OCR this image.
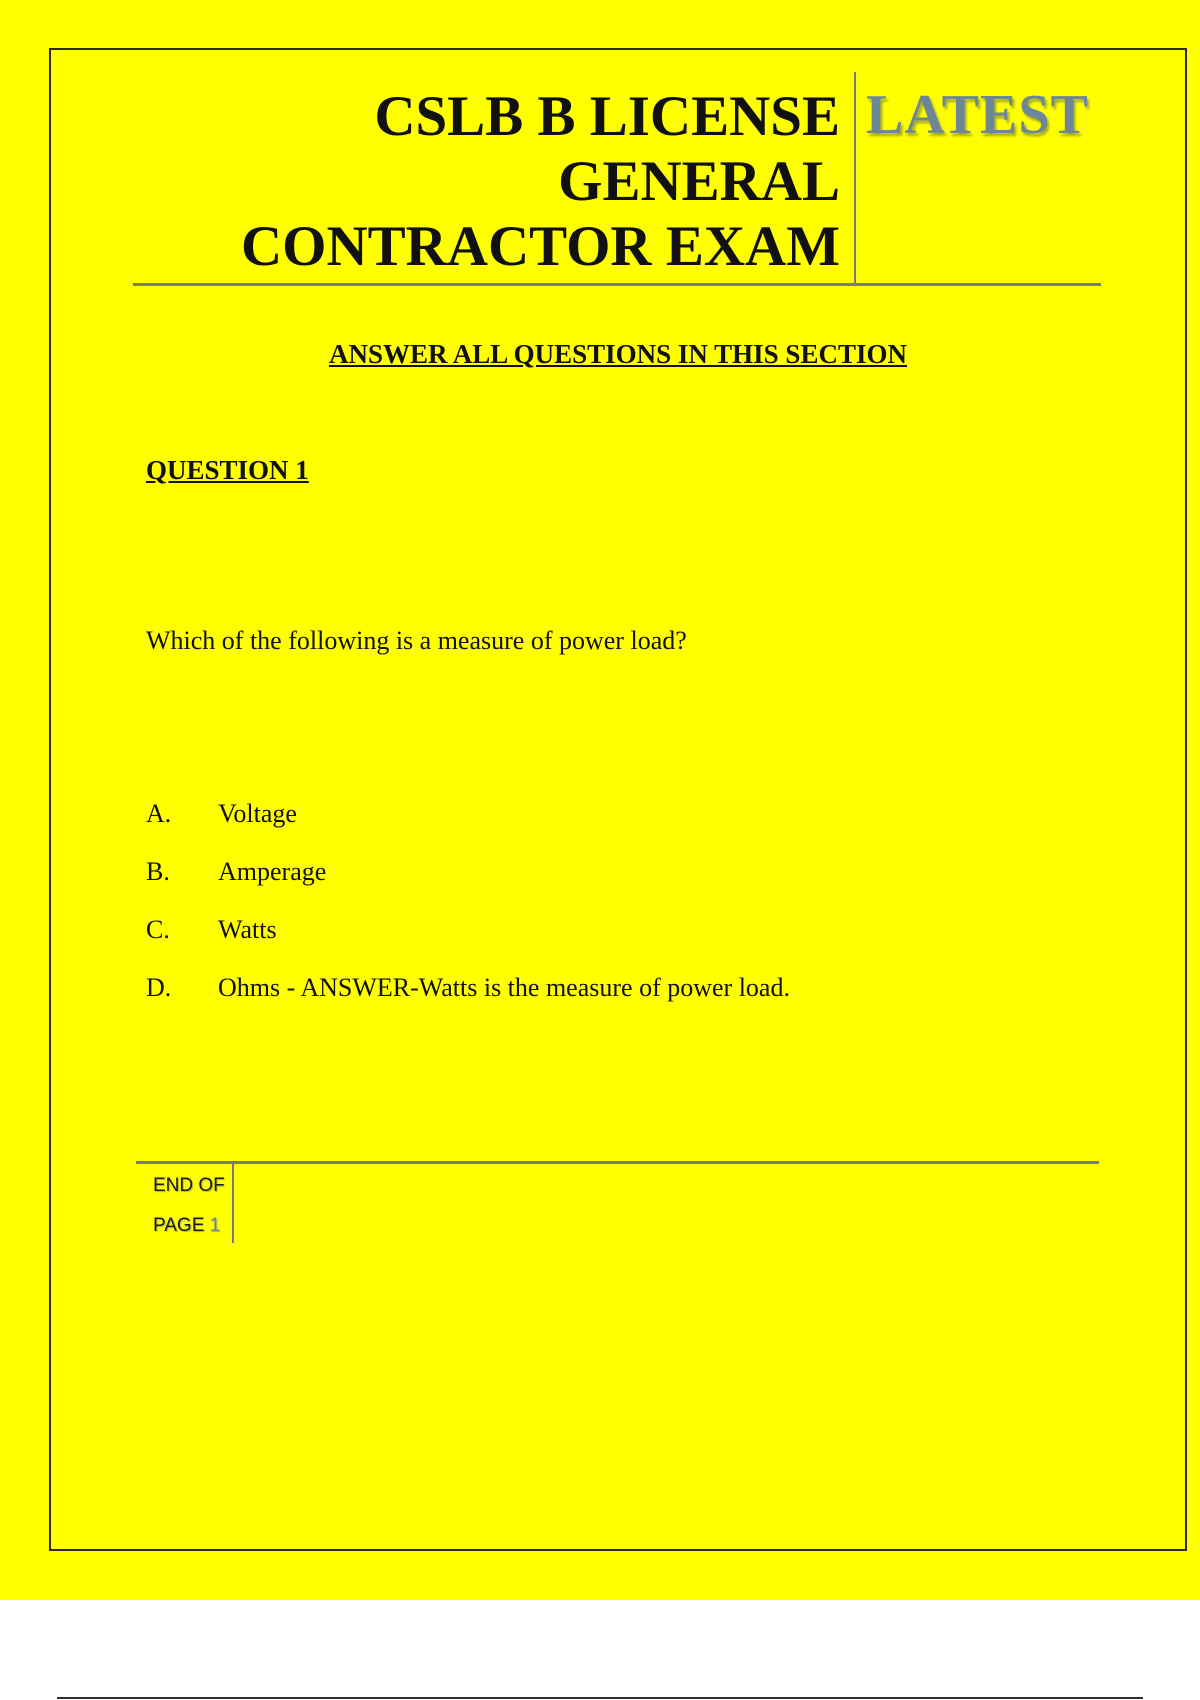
CSLB B LICENSE
GENERAL
CONTRACTOR EXAM
LATEST
ANSWER ALL QUESTIONS IN THIS SECTION
QUESTION 1
Which of the following is a measure of power load?
A.	Voltage
B.	Amperage
C.	Watts
D.	Ohms - ANSWER-Watts is the measure of power load.
END OF
PAGE 1
